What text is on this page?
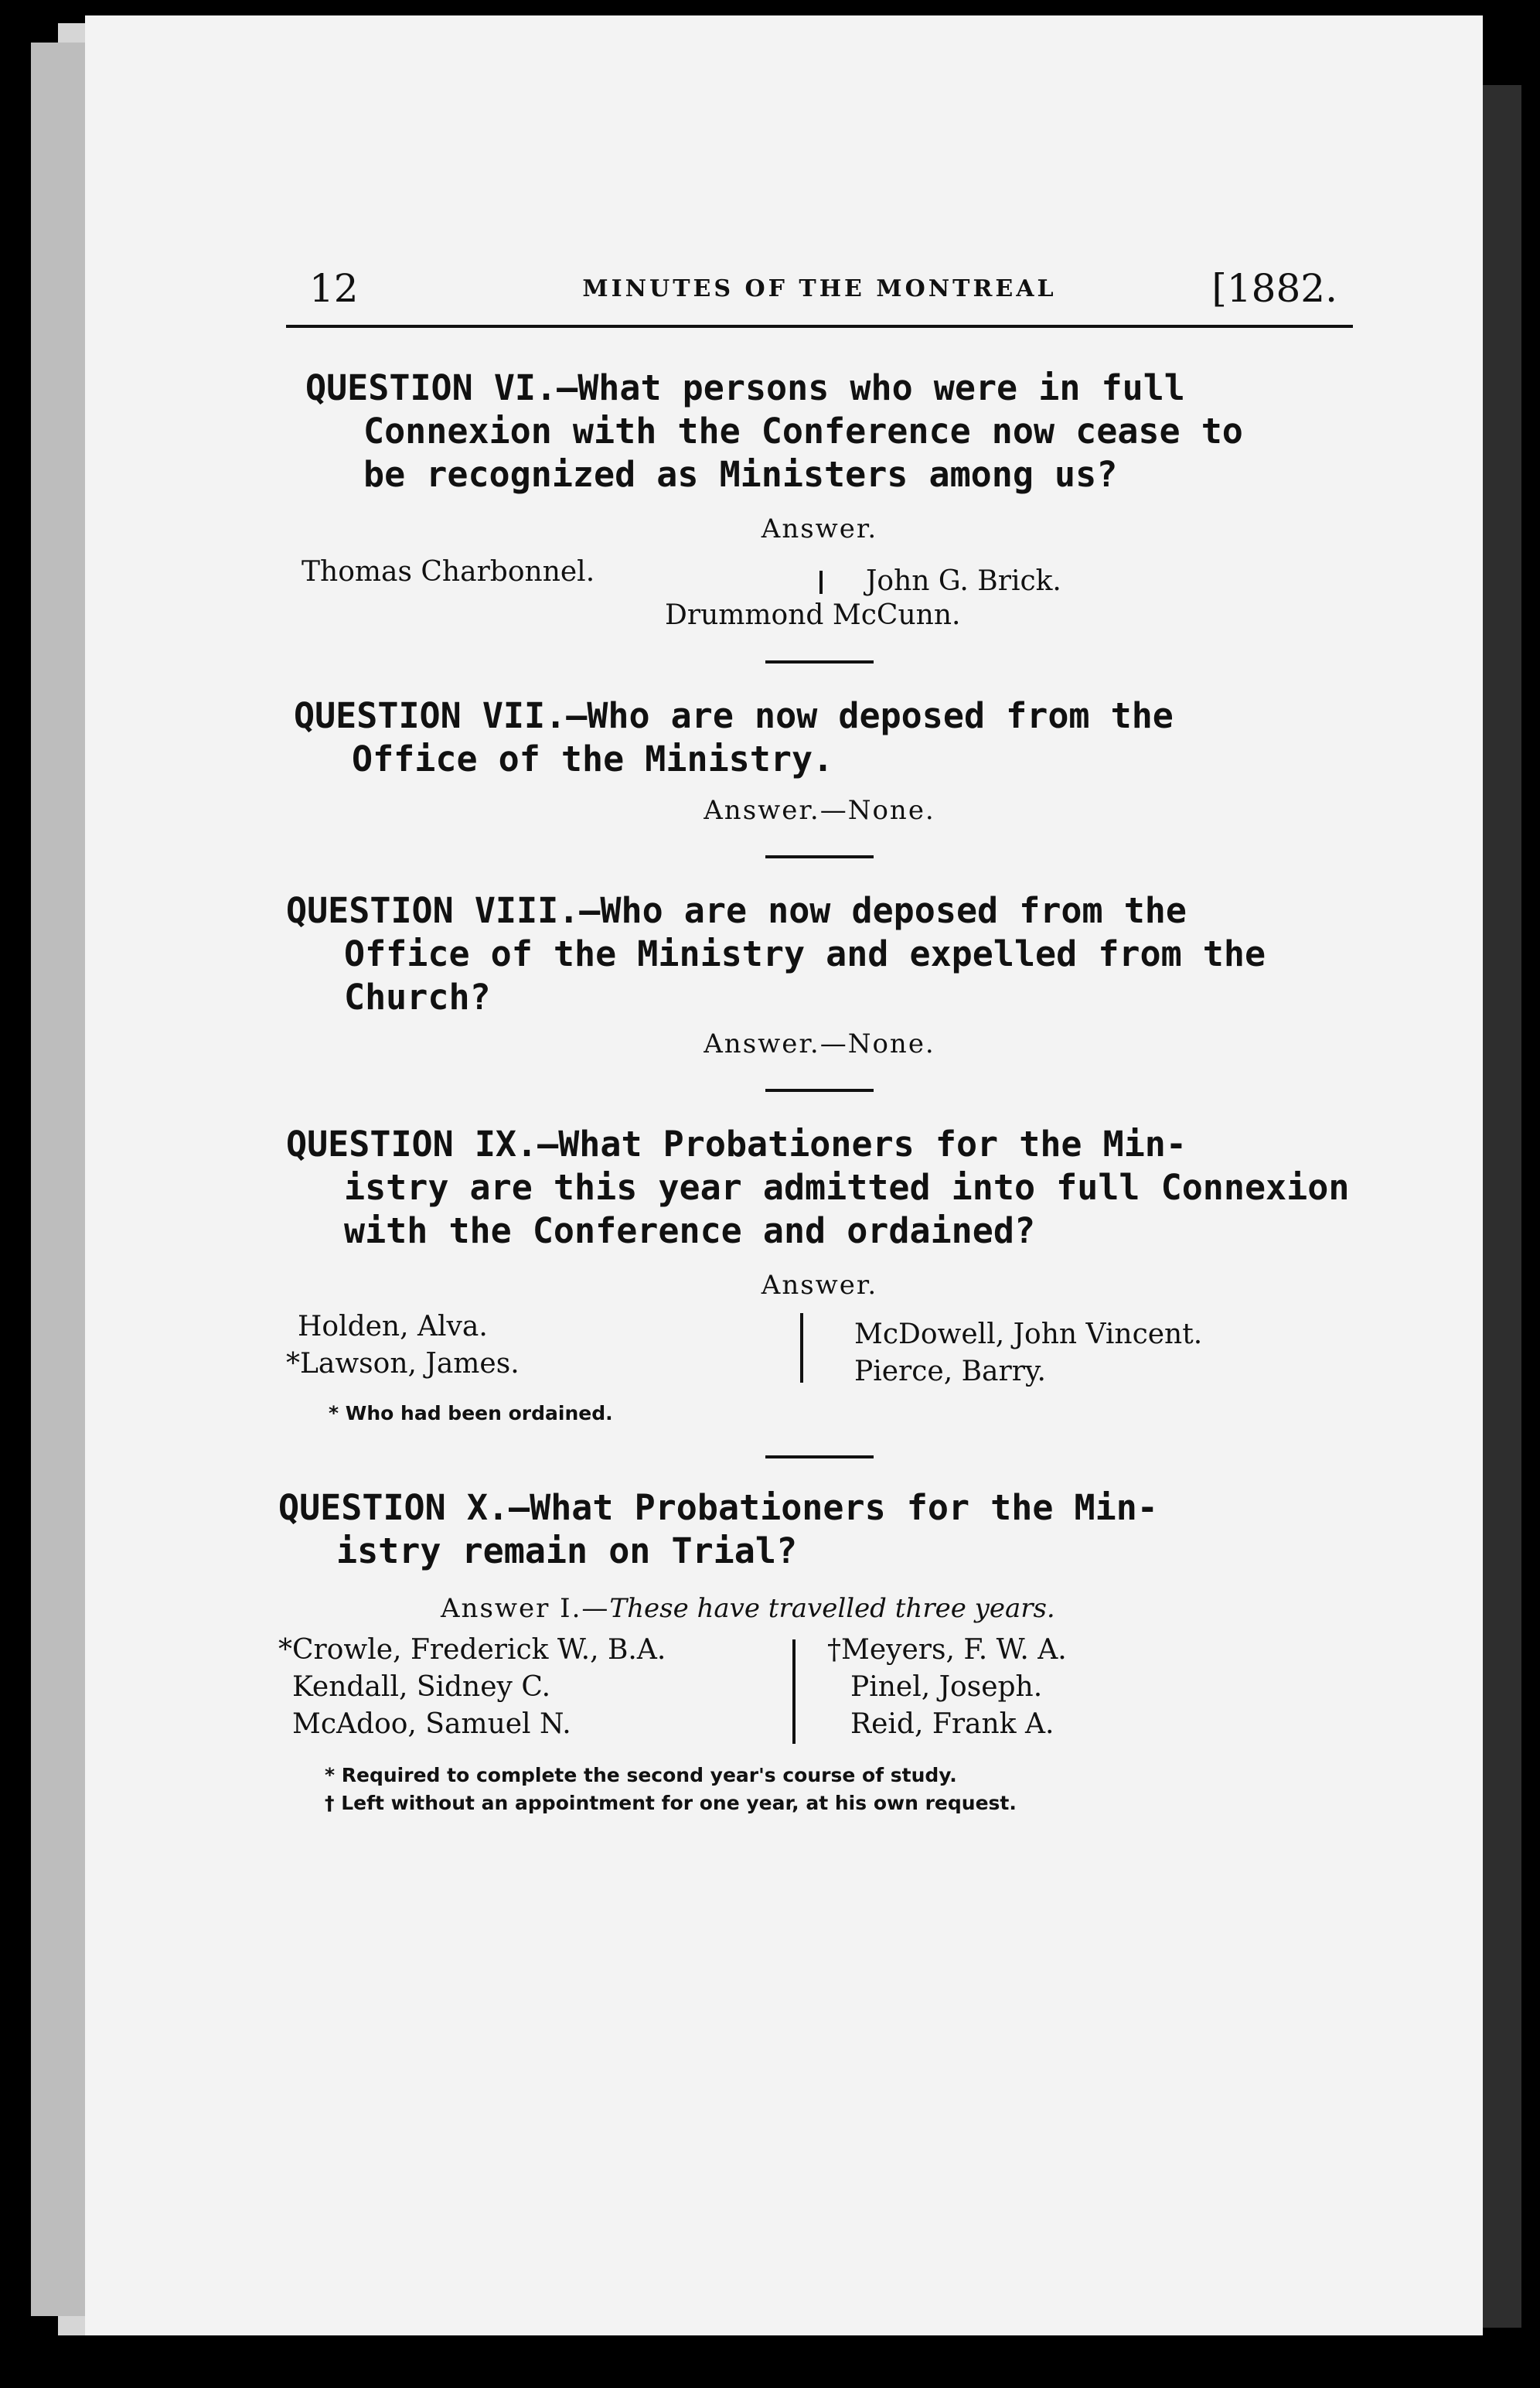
12	MINUTES OF THE MONTREAL	[1882.
QUESTION VI.—What persons who were in full
Connexion with the Conference now cease to
be recognized as Ministers among us?
Answer.
Thomas Charbonnel.	John G. Brick.
Drummond McCunn.
QUESTION VII.—Who are now deposed from the
Office of the Ministry.
Answer.—None.
QUESTION VIII.—Who are now deposed from the
Office of the Ministry and expelled from the
Church?
Answer.—None.
QUESTION IX.—What Probationers for the Min-
istry are this year admitted into full Connexion
with the Conference and ordained?
Answer.
Holden, Alva.
*Lawson, James.
McDowell, John Vincent.
Pierce, Barry.
* Who had been ordained.
QUESTION X.—What Probationers for the Min-
istry remain on Trial?
Answer I.—These have travelled three years.
*Crowle, Frederick W., B.A.
Kendall, Sidney C.
McAdoo, Samuel N.
†Meyers, F. W. A.
Pinel, Joseph.
Reid, Frank A.
* Required to complete the second year's course of study.
† Left without an appointment for one year, at his own request.
